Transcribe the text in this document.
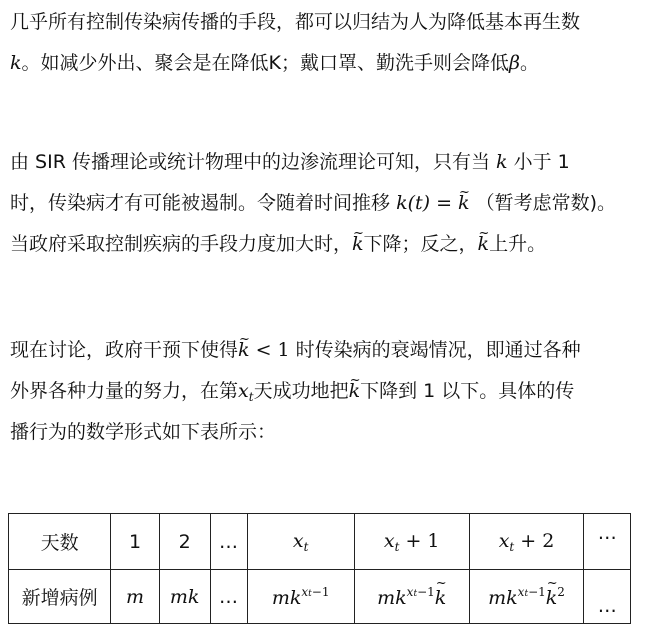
几乎所有控制传染病传播的手段，都可以归结为人为降低基本再生数
k。如减少外出、聚会是在降低K；戴口罩、勤洗手则会降低β。
由 SIR 传播理论或统计物理中的边渗流理论可知，只有当 k 小于 1
时，传染病才有可能被遏制。令随着时间推移 k(t) = ~ k （暂考虑常数)。
当政府采取控制疾病的手段力度加大时，~ k下降；反之，~ k上升。
现在讨论，政府干预下使得~ k < 1 时传染病的衰竭情况，即通过各种
外界各种力量的努力，在第$x_t$天成功地把~ k下降到 1 以下。具体的传
播行为的数学形式如下表所示：
天数	1	2	…	$x_t$	$x_t + 1$	$x_t + 2$	…
新增病例	m	mk	…	$mk^{xt-1}$	$mk^{xt-1}\sim$ k	$mk^{xt-1}\sim$ $k^2$	…
